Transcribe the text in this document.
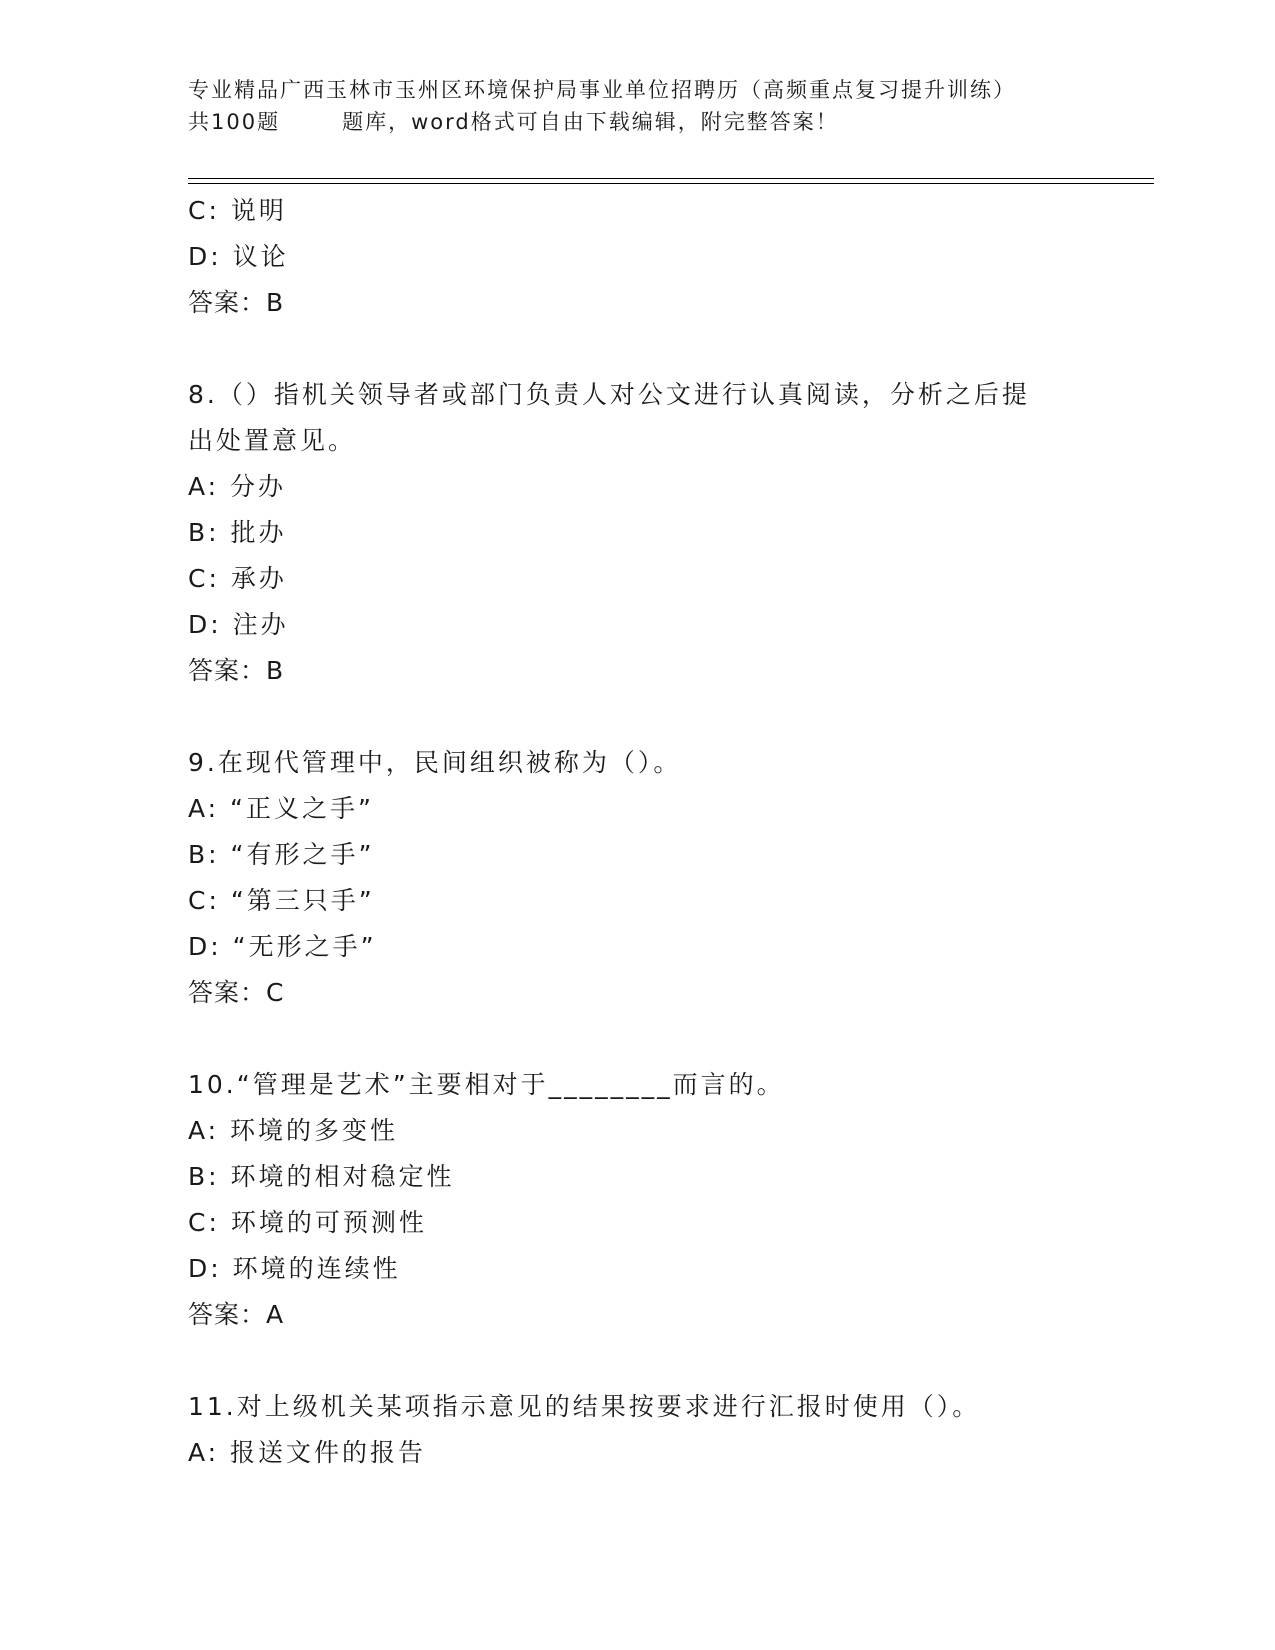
专业精品广西玉林市玉州区环境保护局事业单位招聘历（高频重点复习提升训练）
共100题	题库，word格式可自由下载编辑，附完整答案！
C: 说明
D: 议论
答案：B
8.（）指机关领导者或部门负责人对公文进行认真阅读，分析之后提
出处置意见。
A: 分办
B: 批办
C: 承办
D: 注办
答案：B
9.在现代管理中，民间组织被称为（）。
A: “正义之手”
B: “有形之手”
C: “第三只手”
D: “无形之手”
答案：C
10.“管理是艺术”主要相对于________而言的。
A: 环境的多变性
B: 环境的相对稳定性
C: 环境的可预测性
D: 环境的连续性
答案：A
11.对上级机关某项指示意见的结果按要求进行汇报时使用（）。
A: 报送文件的报告
